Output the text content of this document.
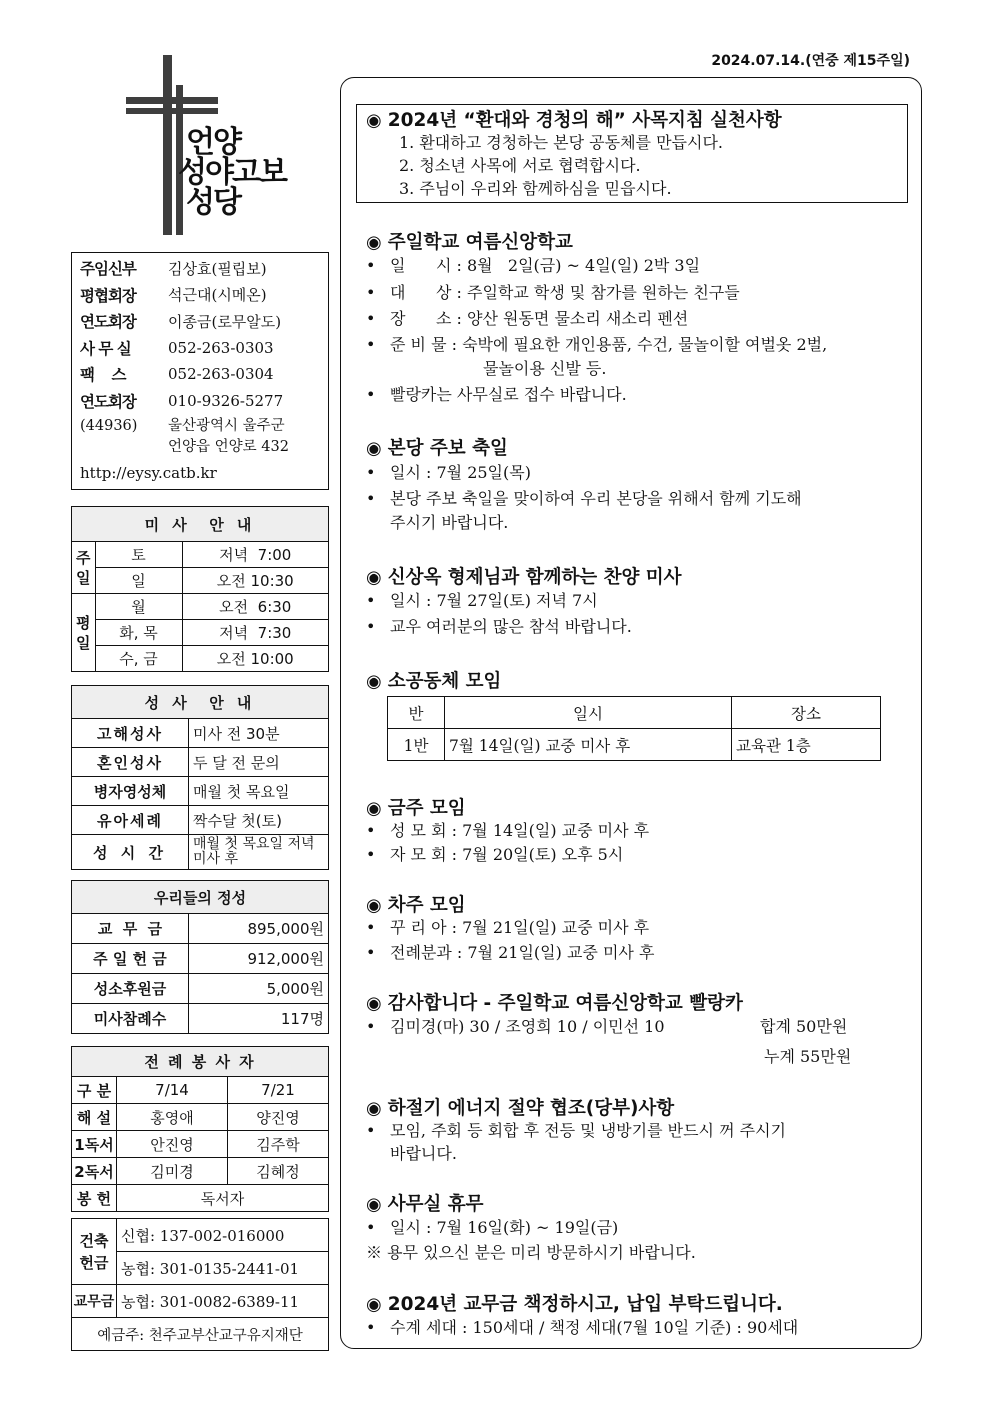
2024.07.14.(연중 제15주일)
언양
성야고보
성당
주임신부	김상효(필립보)
평협회장	석근대(시메온)
연도회장	이종금(로무알도)
사 무 실	052-263-0303
팩    스	052-263-0304
연도회장	010-9326-5277
(44936)	울산광역시 울주군
언양읍 언양로 432
http://eysy.catb.kr
미 사  안 내		
주일	토	저녁  7:00
	일	오전 10:30
평일	월	오전  6:30
	화, 목	저녁  7:30
	수, 금	오전 10:00
성 사  안 내	
고해성사	미사 전 30분
혼인성사	두 달 전 문의
병자영성체	매월 첫 목요일
유아세례	짝수달 첫(토)
성 시 간	매월 첫 목요일 저녁미사 후
우리들의 정성	
교  무  금	895,000원
주 일 헌 금	912,000원
성소후원금	5,000원
미사참례수	117명
전 례 봉 사 자		
구 분	7/14	7/21
해 설	홍영애	양진영
1독서	안진영	김주학
2독서	김미경	김혜정
봉 헌	독서자	
건축헌금	신협: 137-002-016000
	농협: 301-0135-2441-01
교무금	농협: 301-0082-6389-11
예금주: 천주교부산교구유지재단	
◉ 2024년 “환대와 경청의 해” 사목지침 실천사항
1. 환대하고 경청하는 본당 공동체를 만듭시다.
2. 청소년 사목에 서로 협력합시다.
3. 주님이 우리와 함께하심을 믿읍시다.
◉ 주일학교 여름신앙학교
• 일      시 : 8월   2일(금) ~ 4일(일) 2박 3일
• 대      상 : 주일학교 학생 및 참가를 원하는 친구들
• 장      소 : 양산 원동면 물소리 새소리 펜션
• 준 비 물 : 숙박에 필요한 개인용품, 수건, 물놀이할 여벌옷 2벌,
물놀이용 신발 등.
• 빨랑카는 사무실로 접수 바랍니다.
◉ 본당 주보 축일
• 일시 : 7월 25일(목)
• 본당 주보 축일을 맞이하여 우리 본당을 위해서 함께 기도해
주시기 바랍니다.
◉ 신상옥 형제님과 함께하는 찬양 미사
• 일시 : 7월 27일(토) 저녁 7시
• 교우 여러분의 많은 참석 바랍니다.
◉ 소공동체 모임
반	일시	장소
1반	7월 14일(일) 교중 미사 후	교육관 1층
◉ 금주 모임
• 성 모 회 : 7월 14일(일) 교중 미사 후
• 자 모 회 : 7월 20일(토) 오후 5시
◉ 차주 모임
• 꾸 리 아 : 7월 21일(일) 교중 미사 후
• 전례분과 : 7월 21일(일) 교중 미사 후
◉ 감사합니다 - 주일학교 여름신앙학교 빨랑카
• 김미경(마) 30 / 조영희 10 / 이민선 10	합계 50만원
누계 55만원
◉ 하절기 에너지 절약 협조(당부)사항
• 모임, 주회 등 회합 후 전등 및 냉방기를 반드시 꺼 주시기
바랍니다.
◉ 사무실 휴무
• 일시 : 7월 16일(화) ~ 19일(금)
※ 용무 있으신 분은 미리 방문하시기 바랍니다.
◉ 2024년 교무금 책정하시고, 납입 부탁드립니다.
• 수계 세대 : 150세대 / 책정 세대(7월 10일 기준) : 90세대
